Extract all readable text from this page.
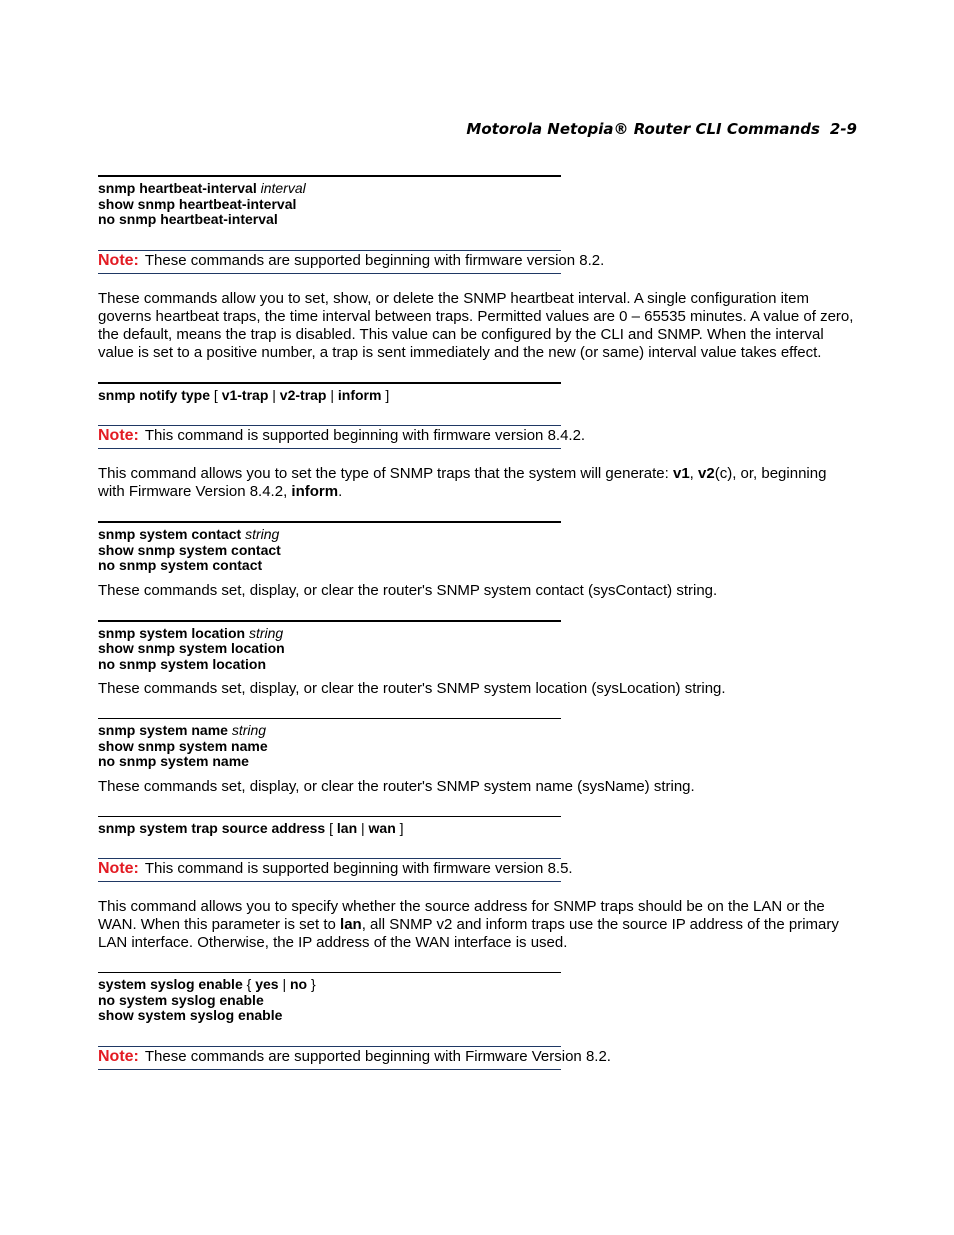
Motorola Netopia® Router CLI Commands 2-9
snmp heartbeat-interval interval
show snmp heartbeat-interval
no snmp heartbeat-interval
Note: These commands are supported beginning with firmware version 8.2.

These commands allow you to set, show, or delete the SNMP heartbeat interval. A single configuration item governs heartbeat traps, the time interval between traps. Permitted values are 0 – 65535 minutes. A value of zero, the default, means the trap is disabled. This value can be configured by the CLI and SNMP. When the interval value is set to a positive number, a trap is sent immediately and the new (or same) interval value takes effect.

snmp notify type [ v1-trap | v2-trap | inform ]
Note: This command is supported beginning with firmware version 8.4.2.

This command allows you to set the type of SNMP traps that the system will generate: v1, v2(c), or, beginning with Firmware Version 8.4.2, inform.

snmp system contact string
show snmp system contact
no snmp system contact

These commands set, display, or clear the router's SNMP system contact (sysContact) string.

snmp system location string
show snmp system location
no snmp system location

These commands set, display, or clear the router's SNMP system location (sysLocation) string.

snmp system name string
show snmp system name
no snmp system name

These commands set, display, or clear the router's SNMP system name (sysName) string.

snmp system trap source address [ lan | wan ]
Note: This command is supported beginning with firmware version 8.5.

This command allows you to specify whether the source address for SNMP traps should be on the LAN or the WAN. When this parameter is set to lan, all SNMP v2 and inform traps use the source IP address of the primary LAN interface. Otherwise, the IP address of the WAN interface is used.

system syslog enable { yes | no }
no system syslog enable
show system syslog enable
Note: These commands are supported beginning with Firmware Version 8.2.
